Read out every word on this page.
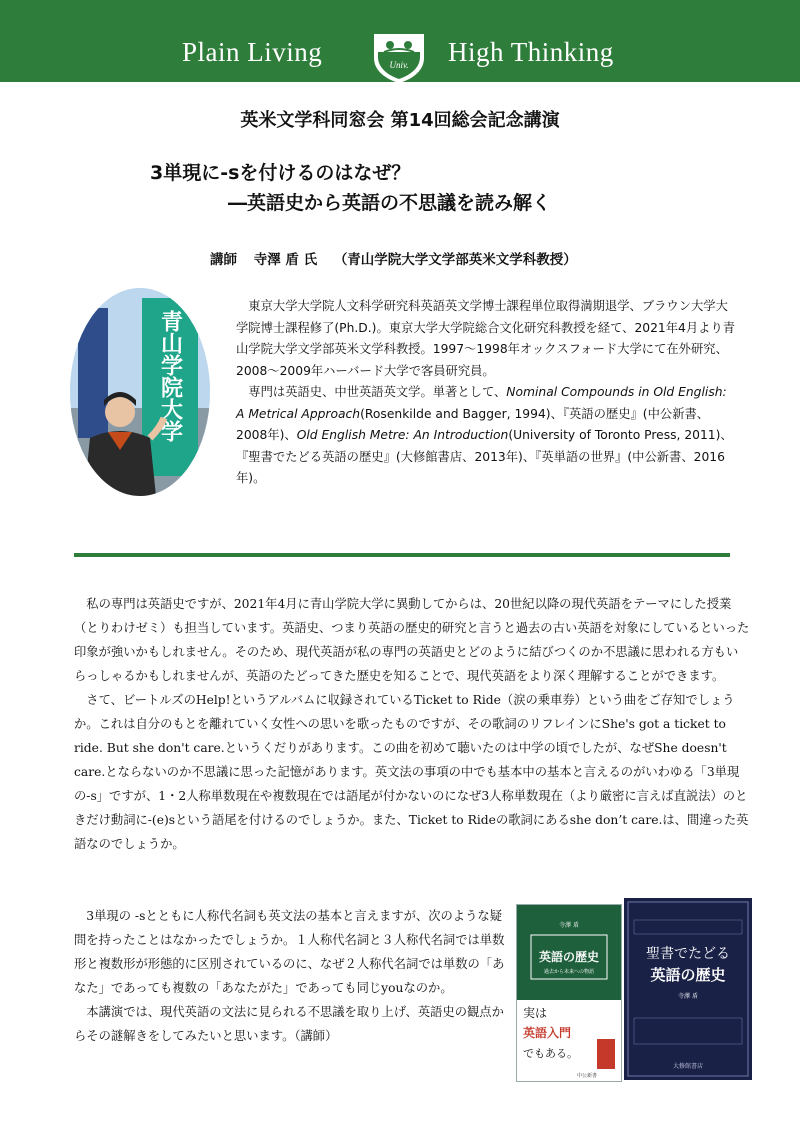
Plain Living	Univ. High Thinking
英米文学科同窓会 第14回総会記念講演
3単現に-sを付けるのはなぜ？
―英語史から英語の不思議を読み解く
講師 寺澤 盾 氏 （青山学院大学文学部英米文学科教授）
青山学院大学

東京大学大学院人文科学研究科英語英文学博士課程単位取得満期退学、ブラウン大学大学院博士課程修了(Ph.D.)。東京大学大学院総合文化研究科教授を経て、2021年4月より青山学院大学文学部英米文学科教授。1997～1998年オックスフォード大学にて在外研究、2008～2009年ハーバード大学で客員研究員。

専門は英語史、中世英語英文学。単著として、Nominal Compounds in Old English: A Metrical Approach(Rosenkilde and Bagger, 1994)、『英語の歴史』(中公新書、2008年)、Old English Metre: An Introduction(University of Toronto Press, 2011)、『聖書でたどる英語の歴史』(大修館書店、2013年)、『英単語の世界』(中公新書、2016年)。

私の専門は英語史ですが、2021年4月に青山学院大学に異動してからは、20世紀以降の現代英語をテーマにした授業（とりわけゼミ）も担当しています。英語史、つまり英語の歴史的研究と言うと過去の古い英語を対象にしているといった印象が強いかもしれません。そのため、現代英語が私の専門の英語史とどのように結びつくのか不思議に思われる方もいらっしゃるかもしれませんが、英語のたどってきた歴史を知ることで、現代英語をより深く理解することができます。

さて、ビートルズのHelp!というアルバムに収録されているTicket to Ride（涙の乗車券）という曲をご存知でしょうか。これは自分のもとを離れていく女性への思いを歌ったものですが、その歌詞のリフレインにShe's got a ticket to ride. But she don't care.というくだりがあります。この曲を初めて聴いたのは中学の頃でしたが、なぜShe doesn't care.とならないのか不思議に思った記憶があります。英文法の事項の中でも基本中の基本と言えるのがいわゆる「3単現の-s」ですが、1・2人称単数現在や複数現在では語尾が付かないのになぜ3人称単数現在（より厳密に言えば直説法）のときだけ動詞に-(e)sという語尾を付けるのでしょうか。また、Ticket to Rideの歌詞にあるshe don’t care.は、間違った英語なのでしょうか。

3単現の -sとともに人称代名詞も英文法の基本と言えますが、次のような疑問を持ったことはなかったでしょうか。１人称代名詞と３人称代名詞では単数形と複数形が形態的に区別されているのに、なぜ２人称代名詞では単数の「あなた」であっても複数の「あなたがた」であっても同じyouなのか。

本講演では、現代英語の文法に見られる不思議を取り上げ、英語史の観点からその謎解きをしてみたいと思います。（講師）

寺澤 盾
英語の歴史
過去から未来への物語
実は
英語入門
でもある。
中公新書
聖書でたどる
英語の歴史
寺澤 盾
大修館書店
